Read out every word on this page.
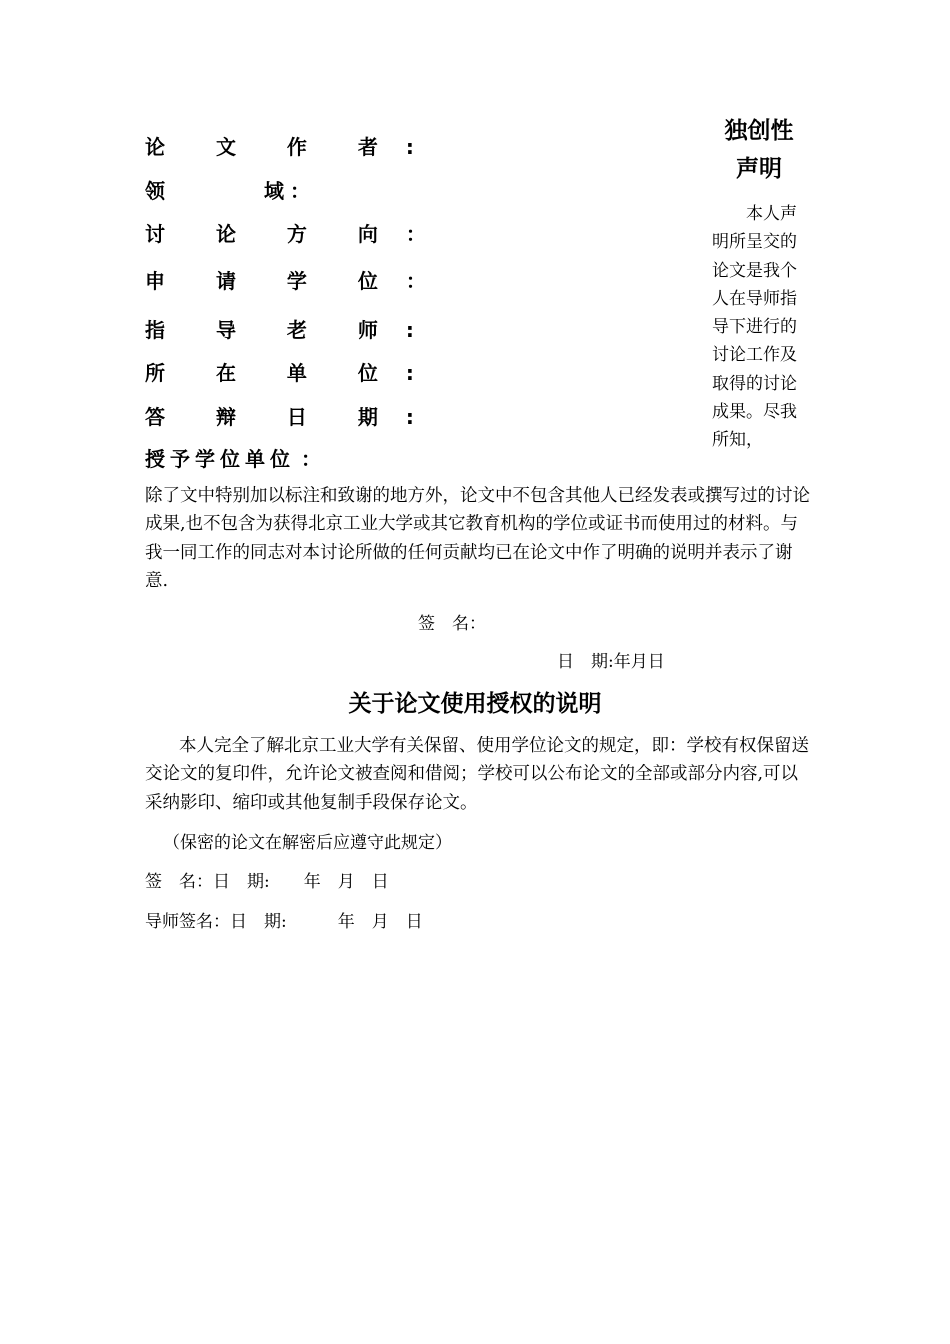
论 文 作 者 :
领 域 ：
讨 论 方 向 ：
申 请 学 位 ：
指 导 老 师 :
所 在 单 位 :
答 辩 日 期 :
授予学位单位 ：
独创性
声明
本人声明所呈交的论文是我个人在导师指导下进行的讨论工作及取得的讨论成果。尽我所知，
除了文中特别加以标注和致谢的地方外，论文中不包含其他人已经发表或撰写过的讨论成果,也不包含为获得北京工业大学或其它教育机构的学位或证书而使用过的材料。与我一同工作的同志对本讨论所做的任何贡献均已在论文中作了明确的说明并表示了谢意.
签　名：
日　期:年月日
关于论文使用授权的说明
本人完全了解北京工业大学有关保留、使用学位论文的规定，即：学校有权保留送交论文的复印件，允许论文被查阅和借阅；学校可以公布论文的全部或部分内容,可以采纳影印、缩印或其他复制手段保存论文。
（保密的论文在解密后应遵守此规定）
签　名：日　期:　　年　月　日
导师签名：日　期:　　　年　月　日
